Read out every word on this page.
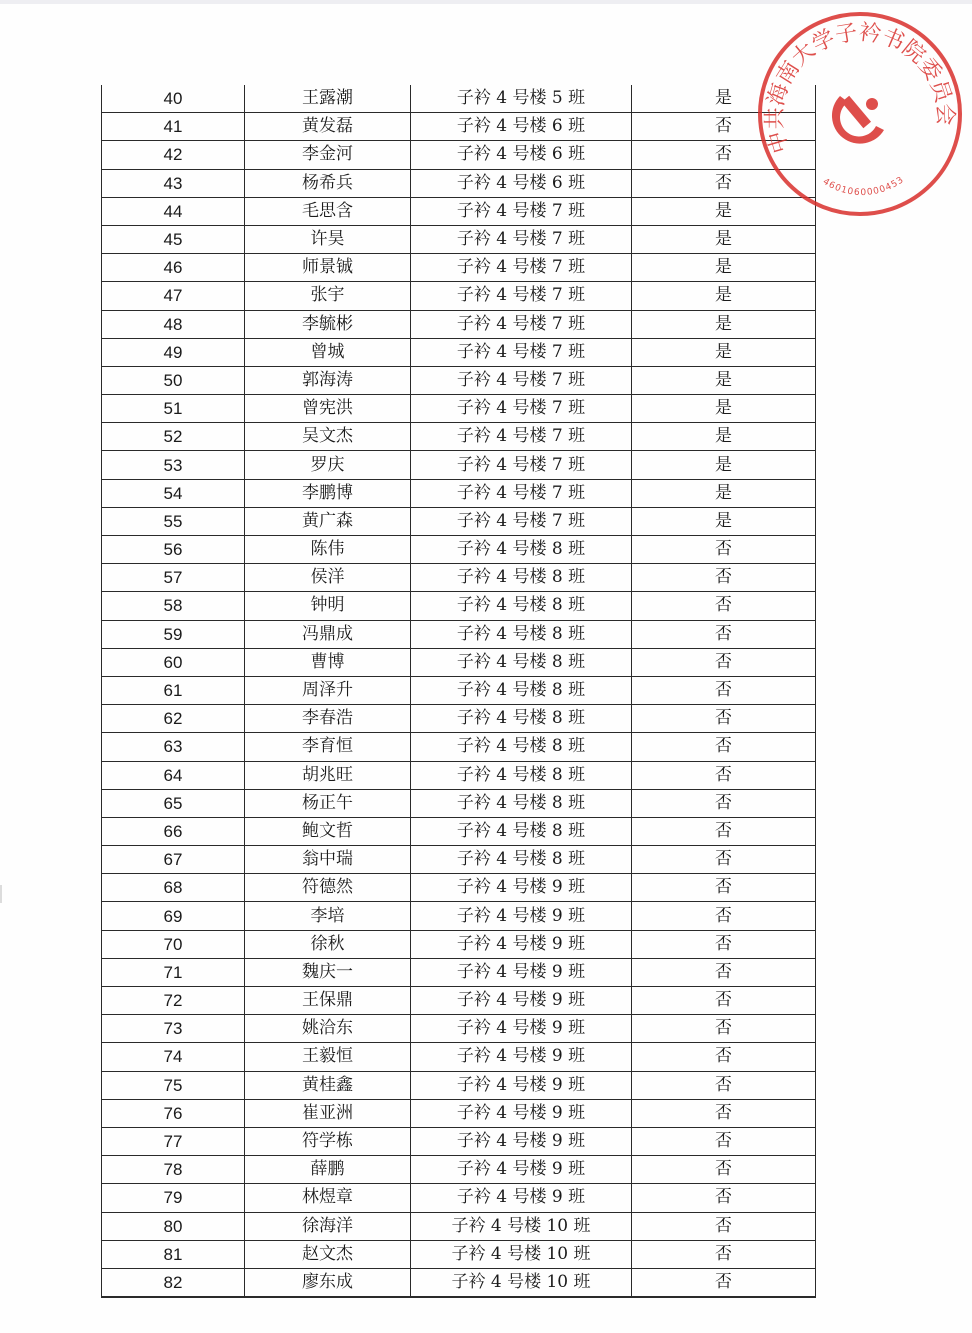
40	王露潮	子衿 4 号楼 5 班	是
41	黄发磊	子衿 4 号楼 6 班	否
42	李金河	子衿 4 号楼 6 班	否
43	杨希兵	子衿 4 号楼 6 班	否
44	毛思含	子衿 4 号楼 7 班	是
45	许昊	子衿 4 号楼 7 班	是
46	师景铖	子衿 4 号楼 7 班	是
47	张宇	子衿 4 号楼 7 班	是
48	李毓彬	子衿 4 号楼 7 班	是
49	曾城	子衿 4 号楼 7 班	是
50	郭海涛	子衿 4 号楼 7 班	是
51	曾宪洪	子衿 4 号楼 7 班	是
52	吴文杰	子衿 4 号楼 7 班	是
53	罗庆	子衿 4 号楼 7 班	是
54	李鹏博	子衿 4 号楼 7 班	是
55	黄广森	子衿 4 号楼 7 班	是
56	陈伟	子衿 4 号楼 8 班	否
57	侯洋	子衿 4 号楼 8 班	否
58	钟明	子衿 4 号楼 8 班	否
59	冯鼎成	子衿 4 号楼 8 班	否
60	曹博	子衿 4 号楼 8 班	否
61	周泽升	子衿 4 号楼 8 班	否
62	李春浩	子衿 4 号楼 8 班	否
63	李育恒	子衿 4 号楼 8 班	否
64	胡兆旺	子衿 4 号楼 8 班	否
65	杨正午	子衿 4 号楼 8 班	否
66	鲍文哲	子衿 4 号楼 8 班	否
67	翁中瑞	子衿 4 号楼 8 班	否
68	符德然	子衿 4 号楼 9 班	否
69	李培	子衿 4 号楼 9 班	否
70	徐秋	子衿 4 号楼 9 班	否
71	魏庆一	子衿 4 号楼 9 班	否
72	王保鼎	子衿 4 号楼 9 班	否
73	姚洽东	子衿 4 号楼 9 班	否
74	王毅恒	子衿 4 号楼 9 班	否
75	黄桂鑫	子衿 4 号楼 9 班	否
76	崔亚洲	子衿 4 号楼 9 班	否
77	符学栋	子衿 4 号楼 9 班	否
78	薛鹏	子衿 4 号楼 9 班	否
79	林煜章	子衿 4 号楼 9 班	否
80	徐海洋	子衿 4 号楼 10 班	否
81	赵文杰	子衿 4 号楼 10 班	否
82	廖东成	子衿 4 号楼 10 班	否
中共海南大学子衿书院委员会
4601060000453
